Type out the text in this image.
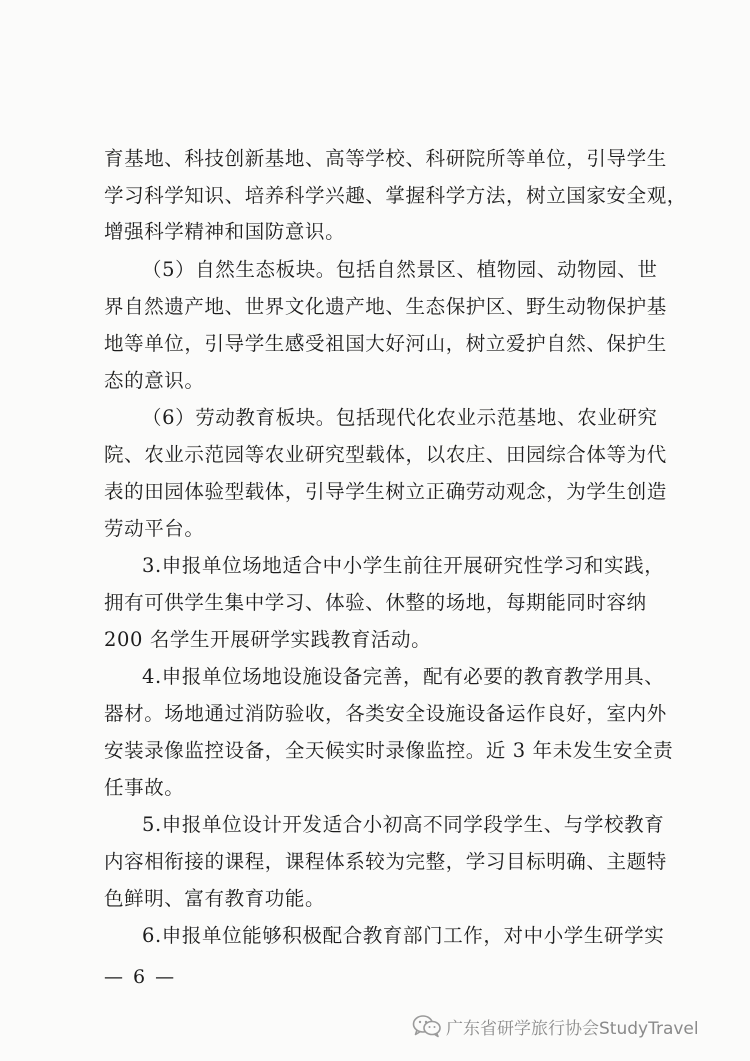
育基地、科技创新基地、高等学校、科研院所等单位，引导学生
学习科学知识、培养科学兴趣、掌握科学方法，树立国家安全观，
增强科学精神和国防意识。
（5）自然生态板块。包括自然景区、植物园、动物园、世
界自然遗产地、世界文化遗产地、生态保护区、野生动物保护基
地等单位，引导学生感受祖国大好河山，树立爱护自然、保护生
态的意识。
（6）劳动教育板块。包括现代化农业示范基地、农业研究
院、农业示范园等农业研究型载体，以农庄、田园综合体等为代
表的田园体验型载体，引导学生树立正确劳动观念，为学生创造
劳动平台。
3.申报单位场地适合中小学生前往开展研究性学习和实践，
拥有可供学生集中学习、体验、休整的场地，每期能同时容纳
200 名学生开展研学实践教育活动。
4.申报单位场地设施设备完善，配有必要的教育教学用具、
器材。场地通过消防验收，各类安全设施设备运作良好，室内外
安装录像监控设备，全天候实时录像监控。近 3 年未发生安全责
任事故。
5.申报单位设计开发适合小初高不同学段学生、与学校教育
内容相衔接的课程，课程体系较为完整，学习目标明确、主题特
色鲜明、富有教育功能。
6.申报单位能够积极配合教育部门工作，对中小学生研学实
— 6 —
广东省研学旅行协会StudyTravel
